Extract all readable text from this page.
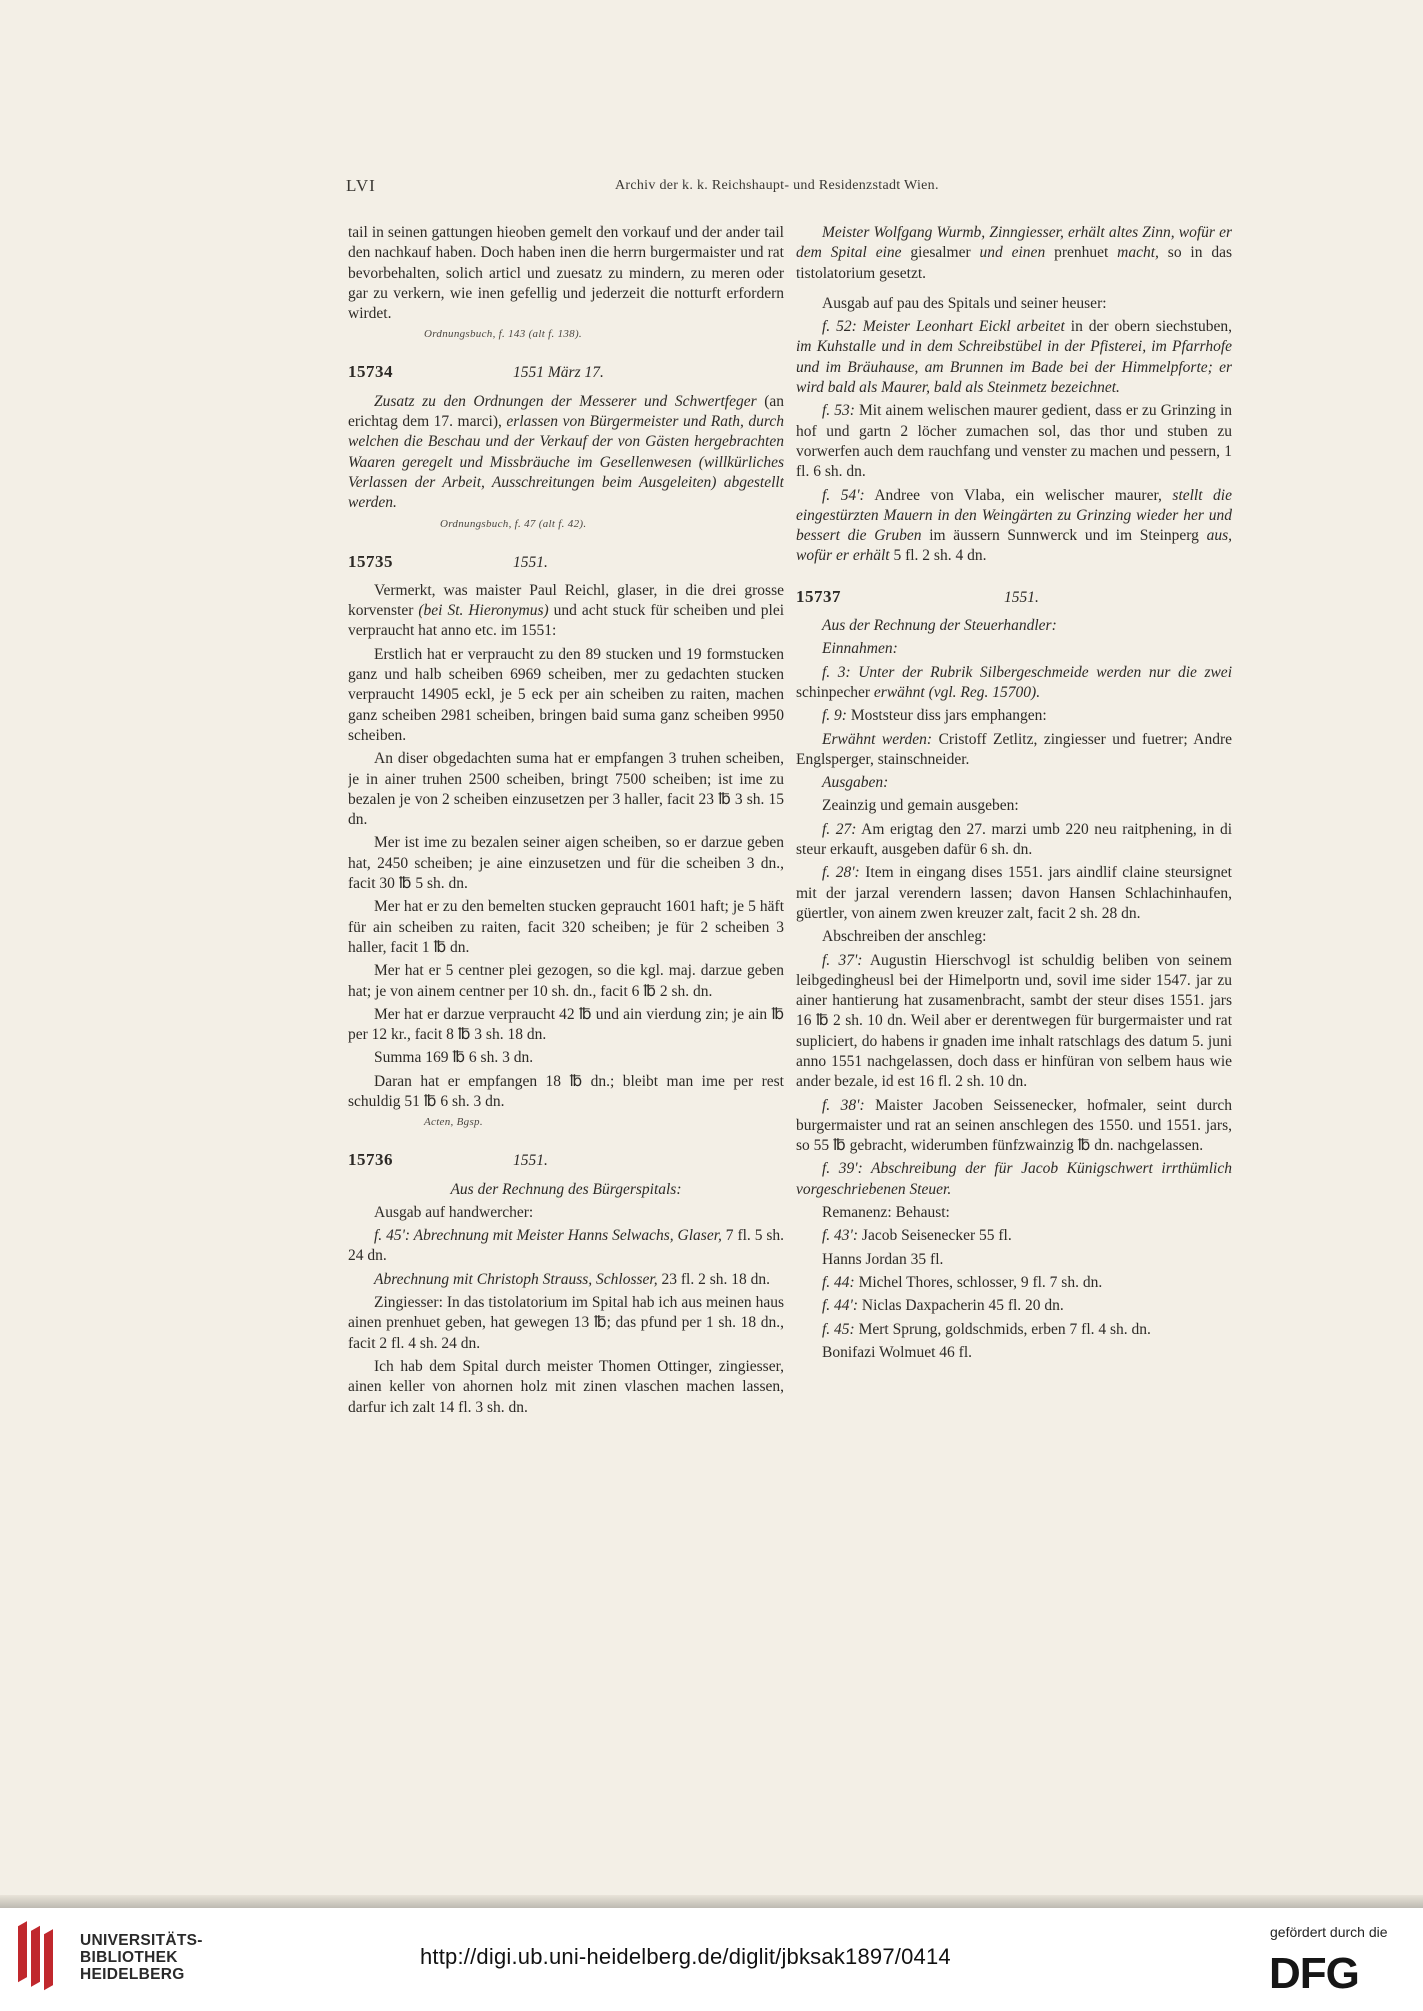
LVI	Archiv der k. k. Reichshaupt- und Residenzstadt Wien.

tail in seinen gattungen hieoben gemelt den vorkauf und der ander tail den nachkauf haben. Doch haben inen die herrn burgermaister und rat bevorbehalten, solich articl und zuesatz zu mindern, zu meren oder gar zu verkern, wie inen gefellig und jederzeit die notturft erfordern wirdet.

Ordnungsbuch, f. 143 (alt f. 138).
15734	1551 März 17.

Zusatz zu den Ordnungen der Messerer und Schwertfeger (an erichtag dem 17. marci), erlassen von Bürgermeister und Rath, durch welchen die Beschau und der Verkauf der von Gästen hergebrachten Waaren geregelt und Missbräuche im Gesellenwesen (willkürliches Verlassen der Arbeit, Ausschreitungen beim Ausgeleiten) abgestellt werden.

Ordnungsbuch, f. 47 (alt f. 42).
15735	1551.

Vermerkt, was maister Paul Reichl, glaser, in die drei grosse korvenster (bei St. Hieronymus) und acht stuck für scheiben und plei verpraucht hat anno etc. im 1551:

Erstlich hat er verpraucht zu den 89 stucken und 19 formstucken ganz und halb scheiben 6969 scheiben, mer zu gedachten stucken verpraucht 14905 eckl, je 5 eck per ain scheiben zu raiten, machen ganz scheiben 2981 scheiben, bringen baid suma ganz scheiben 9950 scheiben.

An diser obgedachten suma hat er empfangen 3 truhen scheiben, je in ainer truhen 2500 scheiben, bringt 7500 scheiben; ist ime zu bezalen je von 2 scheiben einzusetzen per 3 haller, facit 23 ℔ 3 sh. 15 dn.

Mer ist ime zu bezalen seiner aigen scheiben, so er darzue geben hat, 2450 scheiben; je aine einzusetzen und für die scheiben 3 dn., facit 30 ℔ 5 sh. dn.

Mer hat er zu den bemelten stucken gepraucht 1601 haft; je 5 häft für ain scheiben zu raiten, facit 320 scheiben; je für 2 scheiben 3 haller, facit 1 ℔ dn.

Mer hat er 5 centner plei gezogen, so die kgl. maj. darzue geben hat; je von ainem centner per 10 sh. dn., facit 6 ℔ 2 sh. dn.

Mer hat er darzue verpraucht 42 ℔ und ain vierdung zin; je ain ℔ per 12 kr., facit 8 ℔ 3 sh. 18 dn.

Summa 169 ℔ 6 sh. 3 dn.

Daran hat er empfangen 18 ℔ dn.; bleibt man ime per rest schuldig 51 ℔ 6 sh. 3 dn.

Acten, Bgsp.
15736	1551.

Aus der Rechnung des Bürgerspitals:

Ausgab auf handwercher:

f. 45': Abrechnung mit Meister Hanns Selwachs, Glaser, 7 fl. 5 sh. 24 dn.

Abrechnung mit Christoph Strauss, Schlosser, 23 fl. 2 sh. 18 dn.

Zingiesser: In das tistolatorium im Spital hab ich aus meinen haus ainen prenhuet geben, hat gewegen 13 ℔; das pfund per 1 sh. 18 dn., facit 2 fl. 4 sh. 24 dn.

Ich hab dem Spital durch meister Thomen Ottinger, zingiesser, ainen keller von ahornen holz mit zinen vlaschen machen lassen, darfur ich zalt 14 fl. 3 sh. dn.

Meister Wolfgang Wurmb, Zinngiesser, erhält altes Zinn, wofür er dem Spital eine giesalmer und einen prenhuet macht, so in das tistolatorium gesetzt.

Ausgab auf pau des Spitals und seiner heuser:

f. 52: Meister Leonhart Eickl arbeitet in der obern siechstuben, im Kuhstalle und in dem Schreibstübel in der Pfisterei, im Pfarrhofe und im Bräuhause, am Brunnen im Bade bei der Himmelpforte; er wird bald als Maurer, bald als Steinmetz bezeichnet.

f. 53: Mit ainem welischen maurer gedient, dass er zu Grinzing in hof und gartn 2 löcher zumachen sol, das thor und stuben zu vorwerfen auch dem rauchfang und venster zu machen und pessern, 1 fl. 6 sh. dn.

f. 54': Andree von Vlaba, ein welischer maurer, stellt die eingestürzten Mauern in den Weingärten zu Grinzing wieder her und bessert die Gruben im äussern Sunnwerck und im Steinperg aus, wofür er erhält 5 fl. 2 sh. 4 dn.

15737	1551.

Aus der Rechnung der Steuerhandler:

Einnahmen:

f. 3: Unter der Rubrik Silbergeschmeide werden nur die zwei schinpecher erwähnt (vgl. Reg. 15700).

f. 9: Moststeur diss jars emphangen:

Erwähnt werden: Cristoff Zetlitz, zingiesser und fuetrer; Andre Englsperger, stainschneider.

Ausgaben:

Zeainzig und gemain ausgeben:

f. 27: Am erigtag den 27. marzi umb 220 neu raitphening, in di steur erkauft, ausgeben dafür 6 sh. dn.

f. 28': Item in eingang dises 1551. jars aindlif claine steursignet mit der jarzal verendern lassen; davon Hansen Schlachinhaufen, güertler, von ainem zwen kreuzer zalt, facit 2 sh. 28 dn.

Abschreiben der anschleg:

f. 37': Augustin Hierschvogl ist schuldig beliben von seinem leibgedingheusl bei der Himelportn und, sovil ime sider 1547. jar zu ainer hantierung hat zusamenbracht, sambt der steur dises 1551. jars 16 ℔ 2 sh. 10 dn. Weil aber er derentwegen für burgermaister und rat supliciert, do habens ir gnaden ime inhalt ratschlags des datum 5. juni anno 1551 nachgelassen, doch dass er hinfüran von selbem haus wie ander bezale, id est 16 fl. 2 sh. 10 dn.

f. 38': Maister Jacoben Seissenecker, hofmaler, seint durch burgermaister und rat an seinen anschlegen des 1550. und 1551. jars, so 55 ℔ gebracht, widerumben fünfzwainzig ℔ dn. nachgelassen.

f. 39': Abschreibung der für Jacob Künigschwert irrthümlich vorgeschriebenen Steuer.

Remanenz: Behaust:

f. 43': Jacob Seisenecker 55 fl.

Hanns Jordan 35 fl.

f. 44: Michel Thores, schlosser, 9 fl. 7 sh. dn.

f. 44': Niclas Daxpacherin 45 fl. 20 dn.

f. 45: Mert Sprung, goldschmids, erben 7 fl. 4 sh. dn.

Bonifazi Wolmuet 46 fl.

UNIVERSITÄTS-
BIBLIOTHEK
HEIDELBERG
http://digi.ub.uni-heidelberg.de/diglit/jbksak1897/0414
gefördert durch die
DFG
